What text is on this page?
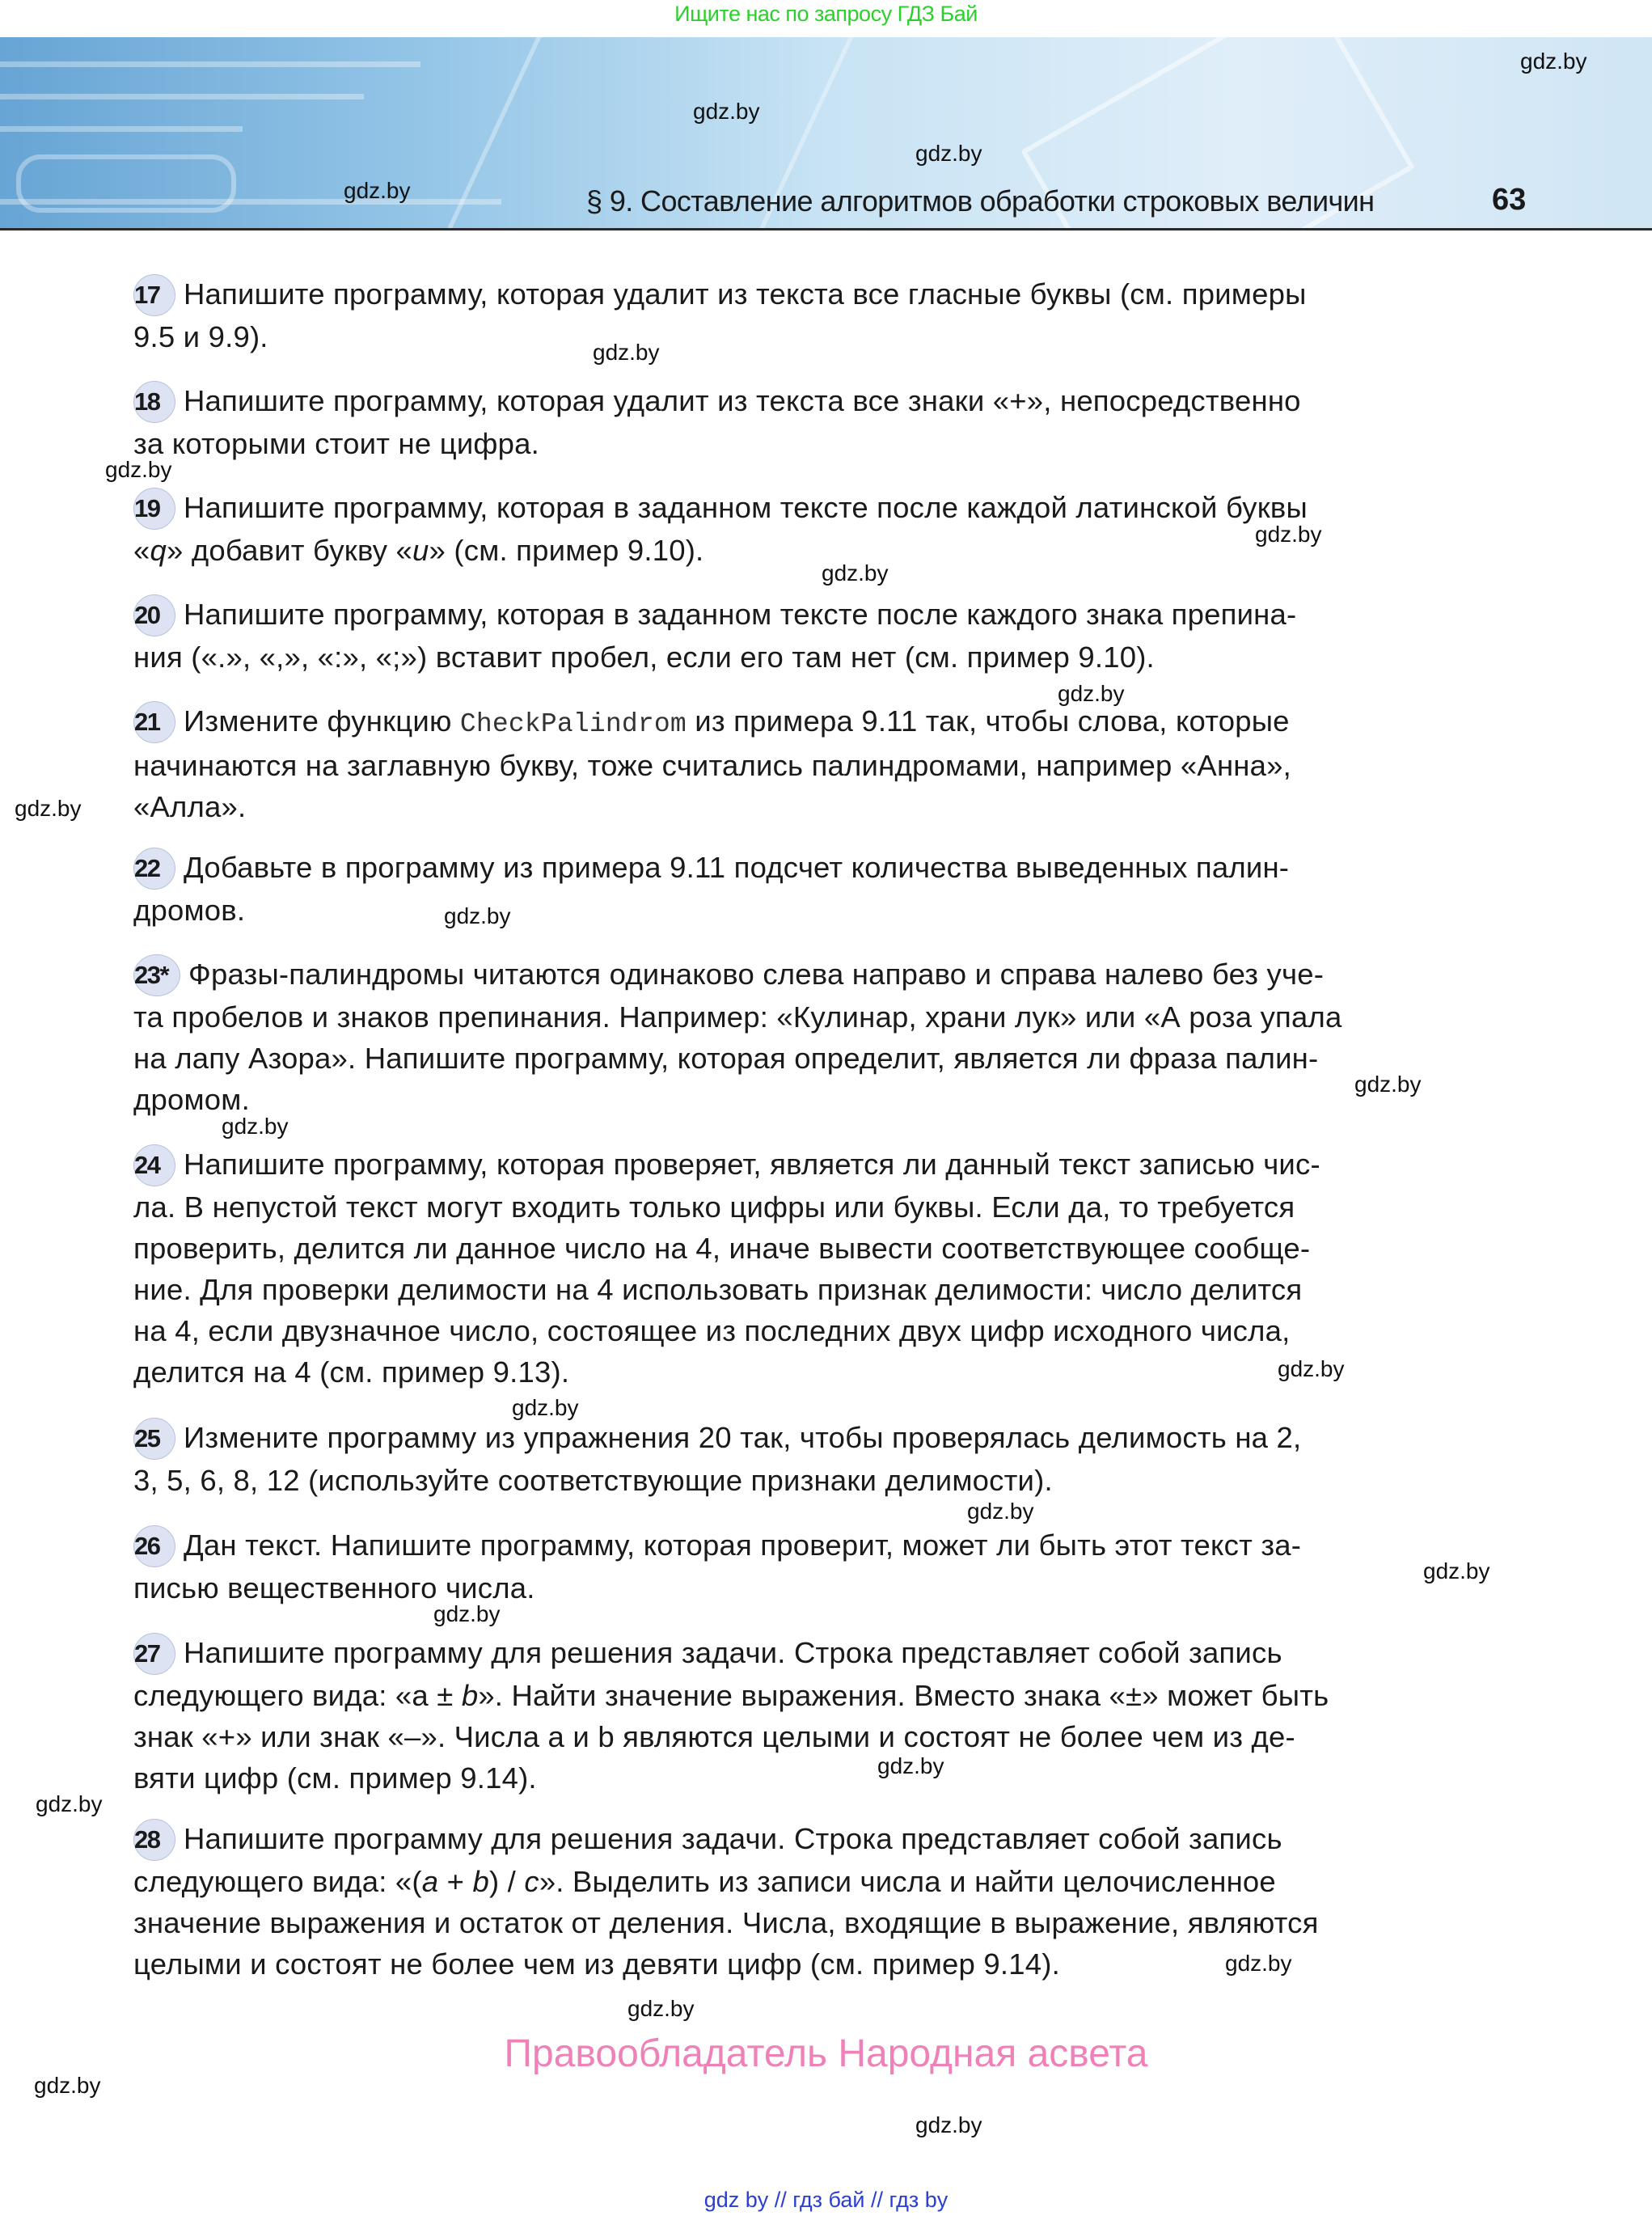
Ищите нас по запросу ГДЗ Бай
§ 9. Составление алгоритмов обработки строковых величин	63
17 Напишите программу, которая удалит из текста все гласные буквы (см. примеры
9.5 и 9.9).
18 Напишите программу, которая удалит из текста все знаки «+», непосредственно
за которыми стоит не цифра.
19 Напишите программу, которая в заданном тексте после каждой латинской буквы
«q» добавит букву «u» (см. пример 9.10).
20 Напишите программу, которая в заданном тексте после каждого знака препина-
ния («.», «,», «:», «;») вставит пробел, если его там нет (см. пример 9.10).
21 Измените функцию CheckPalindrom из примера 9.11 так, чтобы слова, которые
начинаются на заглавную букву, тоже считались палиндромами, например «Анна»,
«Алла».
22 Добавьте в программу из примера 9.11 подсчет количества выведенных палин-
дромов.
23* Фразы-палиндромы читаются одинаково слева направо и справа налево без уче-
та пробелов и знаков препинания. Например: «Кулинар, храни лук» или «А роза упала
на лапу Азора». Напишите программу, которая определит, является ли фраза палин-
дромом.
24 Напишите программу, которая проверяет, является ли данный текст записью чис-
ла. В непустой текст могут входить только цифры или буквы. Если да, то требуется
проверить, делится ли данное число на 4, иначе вывести соответствующее сообще-
ние. Для проверки делимости на 4 использовать признак делимости: число делится
на 4, если двузначное число, состоящее из последних двух цифр исходного числа,
делится на 4 (см. пример 9.13).
25 Измените программу из упражнения 20 так, чтобы проверялась делимость на 2,
3, 5, 6, 8, 12 (используйте соответствующие признаки делимости).
26 Дан текст. Напишите программу, которая проверит, может ли быть этот текст за-
писью вещественного числа.
27 Напишите программу для решения задачи. Строка представляет собой запись
следующего вида: «a ± b». Найти значение выражения. Вместо знака «±» может быть
знак «+» или знак «–». Числа a и b являются целыми и состоят не более чем из де-
вяти цифр (см. пример 9.14).
28 Напишите программу для решения задачи. Строка представляет собой запись
следующего вида: «(a + b) / c». Выделить из записи числа и найти целочисленное
значение выражения и остаток от деления. Числа, входящие в выражение, являются
целыми и состоят не более чем из девяти цифр (см. пример 9.14).
gdz.by
gdz.by
gdz.by
gdz.by
gdz.by
gdz.by
gdz.by
gdz.by
gdz.by
gdz.by
gdz.by
gdz.by
gdz.by
gdz.by
gdz.by
gdz.by
gdz.by
gdz.by
gdz.by
gdz.by
gdz.by
gdz.by
gdz.by
gdz.by
Правообладатель Народная асвета
gdz by // гдз бай // гдз by
